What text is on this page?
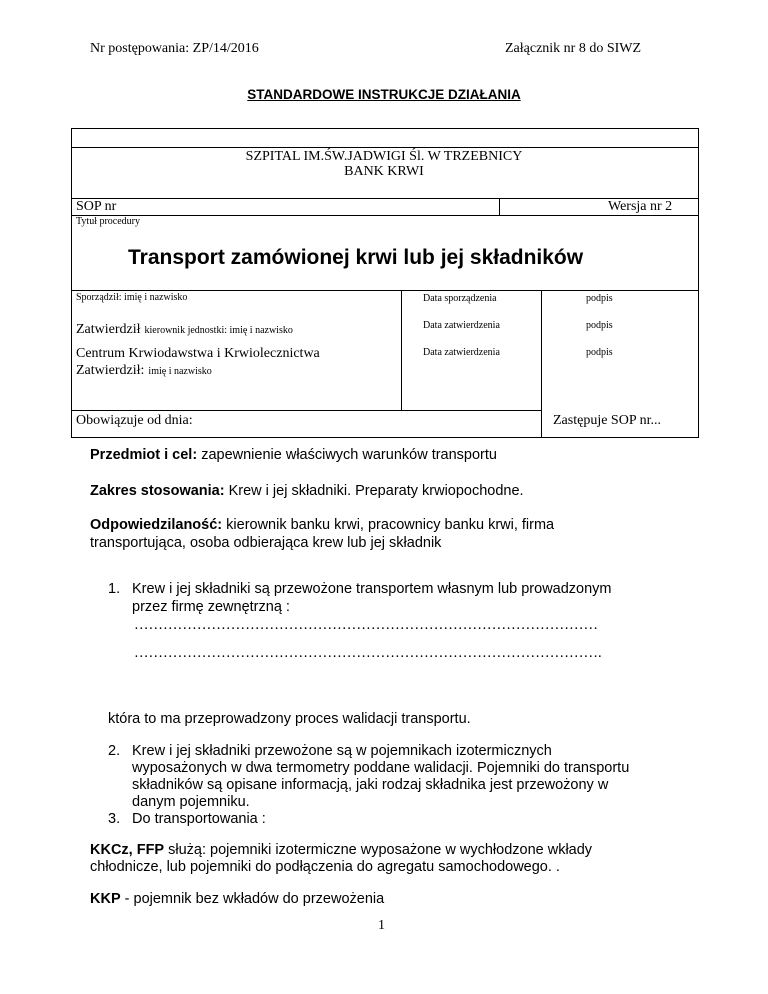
Nr postępowania: ZP/14/2016	Załącznik nr 8 do SIWZ
STANDARDOWE INSTRUKCJE DZIAŁANIA
SZPITAL IM.ŚW.JADWIGI Śl. W TRZEBNICY
BANK KRWI
SOP nr	Wersja nr 2
Tytuł procedury
Transport zamówionej krwi lub jej składników
Sporządził: imię i nazwisko	Data sporządzenia	podpis
Zatwierdził kierownik jednostki: imię i nazwisko	Data zatwierdzenia	podpis
Centrum Krwiodawstwa i Krwiolecznictwa
Zatwierdził: imię i nazwisko
Data zatwierdzenia	podpis
Obowiązuje od dnia:	Zastępuje SOP nr...
Przedmiot i cel: zapewnienie właściwych warunków transportu
Zakres stosowania: Krew i jej składniki. Preparaty krwiopochodne.
Odpowiedzilaność: kierownik banku krwi, pracownicy banku krwi, firma
transportująca, osoba odbierająca krew lub jej składnik
1. Krew i jej składniki są przewożone transportem własnym lub prowadzonym
przez firmę zewnętrzną :
……………………………………………………………………………………
…………………………………………………………………………………….
która to ma przeprowadzony proces walidacji transportu.
2. Krew i jej składniki przewożone są w pojemnikach izotermicznych
wyposażonych w dwa termometry poddane walidacji. Pojemniki do transportu
składników są opisane informacją, jaki rodzaj składnika jest przewożony w
danym pojemniku.
3. Do transportowania :
KKCz, FFP służą: pojemniki izotermiczne wyposażone w wychłodzone wkłady
chłodnicze, lub pojemniki do podłączenia do agregatu samochodowego. .
KKP - pojemnik bez wkładów do przewożenia
1
